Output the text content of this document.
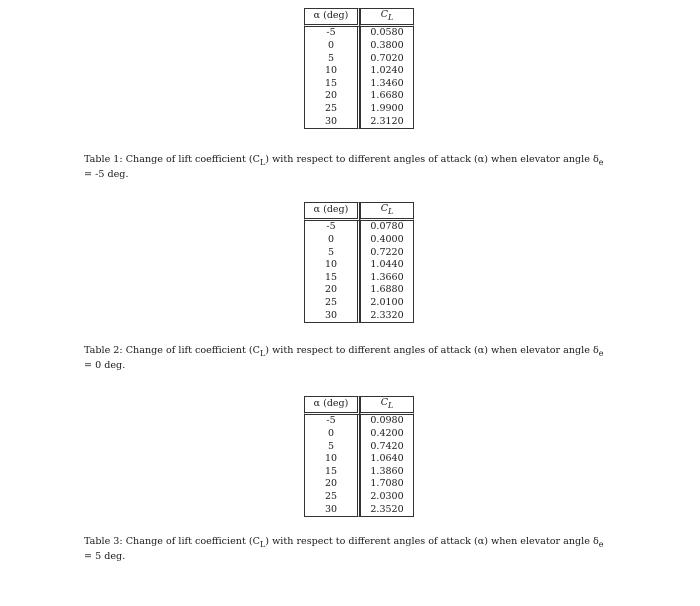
α (deg)	$C_L$
-5	0.0580
0	0.3800
5	0.7020
10	1.0240
15	1.3460
20	1.6680
25	1.9900
30	2.3120
Table 1: Change of lift coefficient $(C_L)$ with respect to different angles of attack (α) when elevator angle $\delta_e$
= -5 deg.
α (deg)	$C_L$
-5	0.0780
0	0.4000
5	0.7220
10	1.0440
15	1.3660
20	1.6880
25	2.0100
30	2.3320
Table 2: Change of lift coefficient $(C_L)$ with respect to different angles of attack (α) when elevator angle $\delta_e$
= 0 deg.
α (deg)	$C_L$
-5	0.0980
0	0.4200
5	0.7420
10	1.0640
15	1.3860
20	1.7080
25	2.0300
30	2.3520
Table 3: Change of lift coefficient $(C_L)$ with respect to different angles of attack (α) when elevator angle $\delta_e$
= 5 deg.
